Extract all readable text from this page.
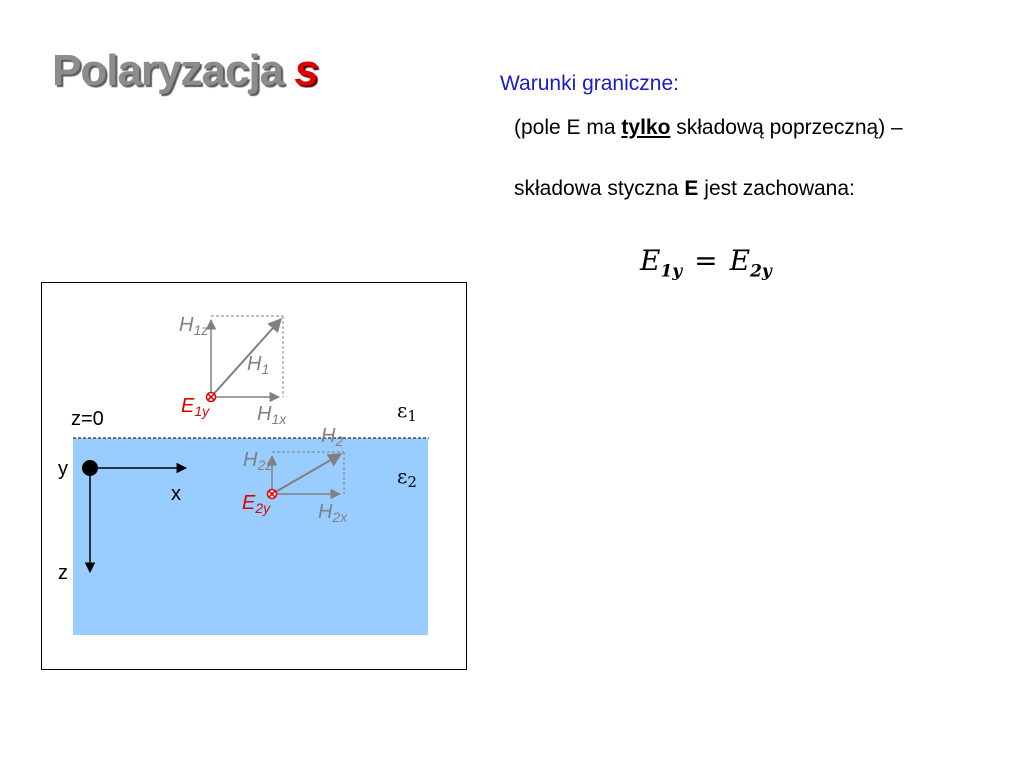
Polaryzacja s	Warunki graniczne:
(pole E ma tylko składową poprzeczną) –
składowa styczna E jest zachowana:
$E_{1y} = E_{2y}$
z=0	$\varepsilon_1$
$\varepsilon_2$
y
x
z
$H_{1z}$
$H_1$
$H_{1x}$
$E_{1y}$
$H_2$
$H_{2z}$
$H_{2x}$
$E_{2y}$
